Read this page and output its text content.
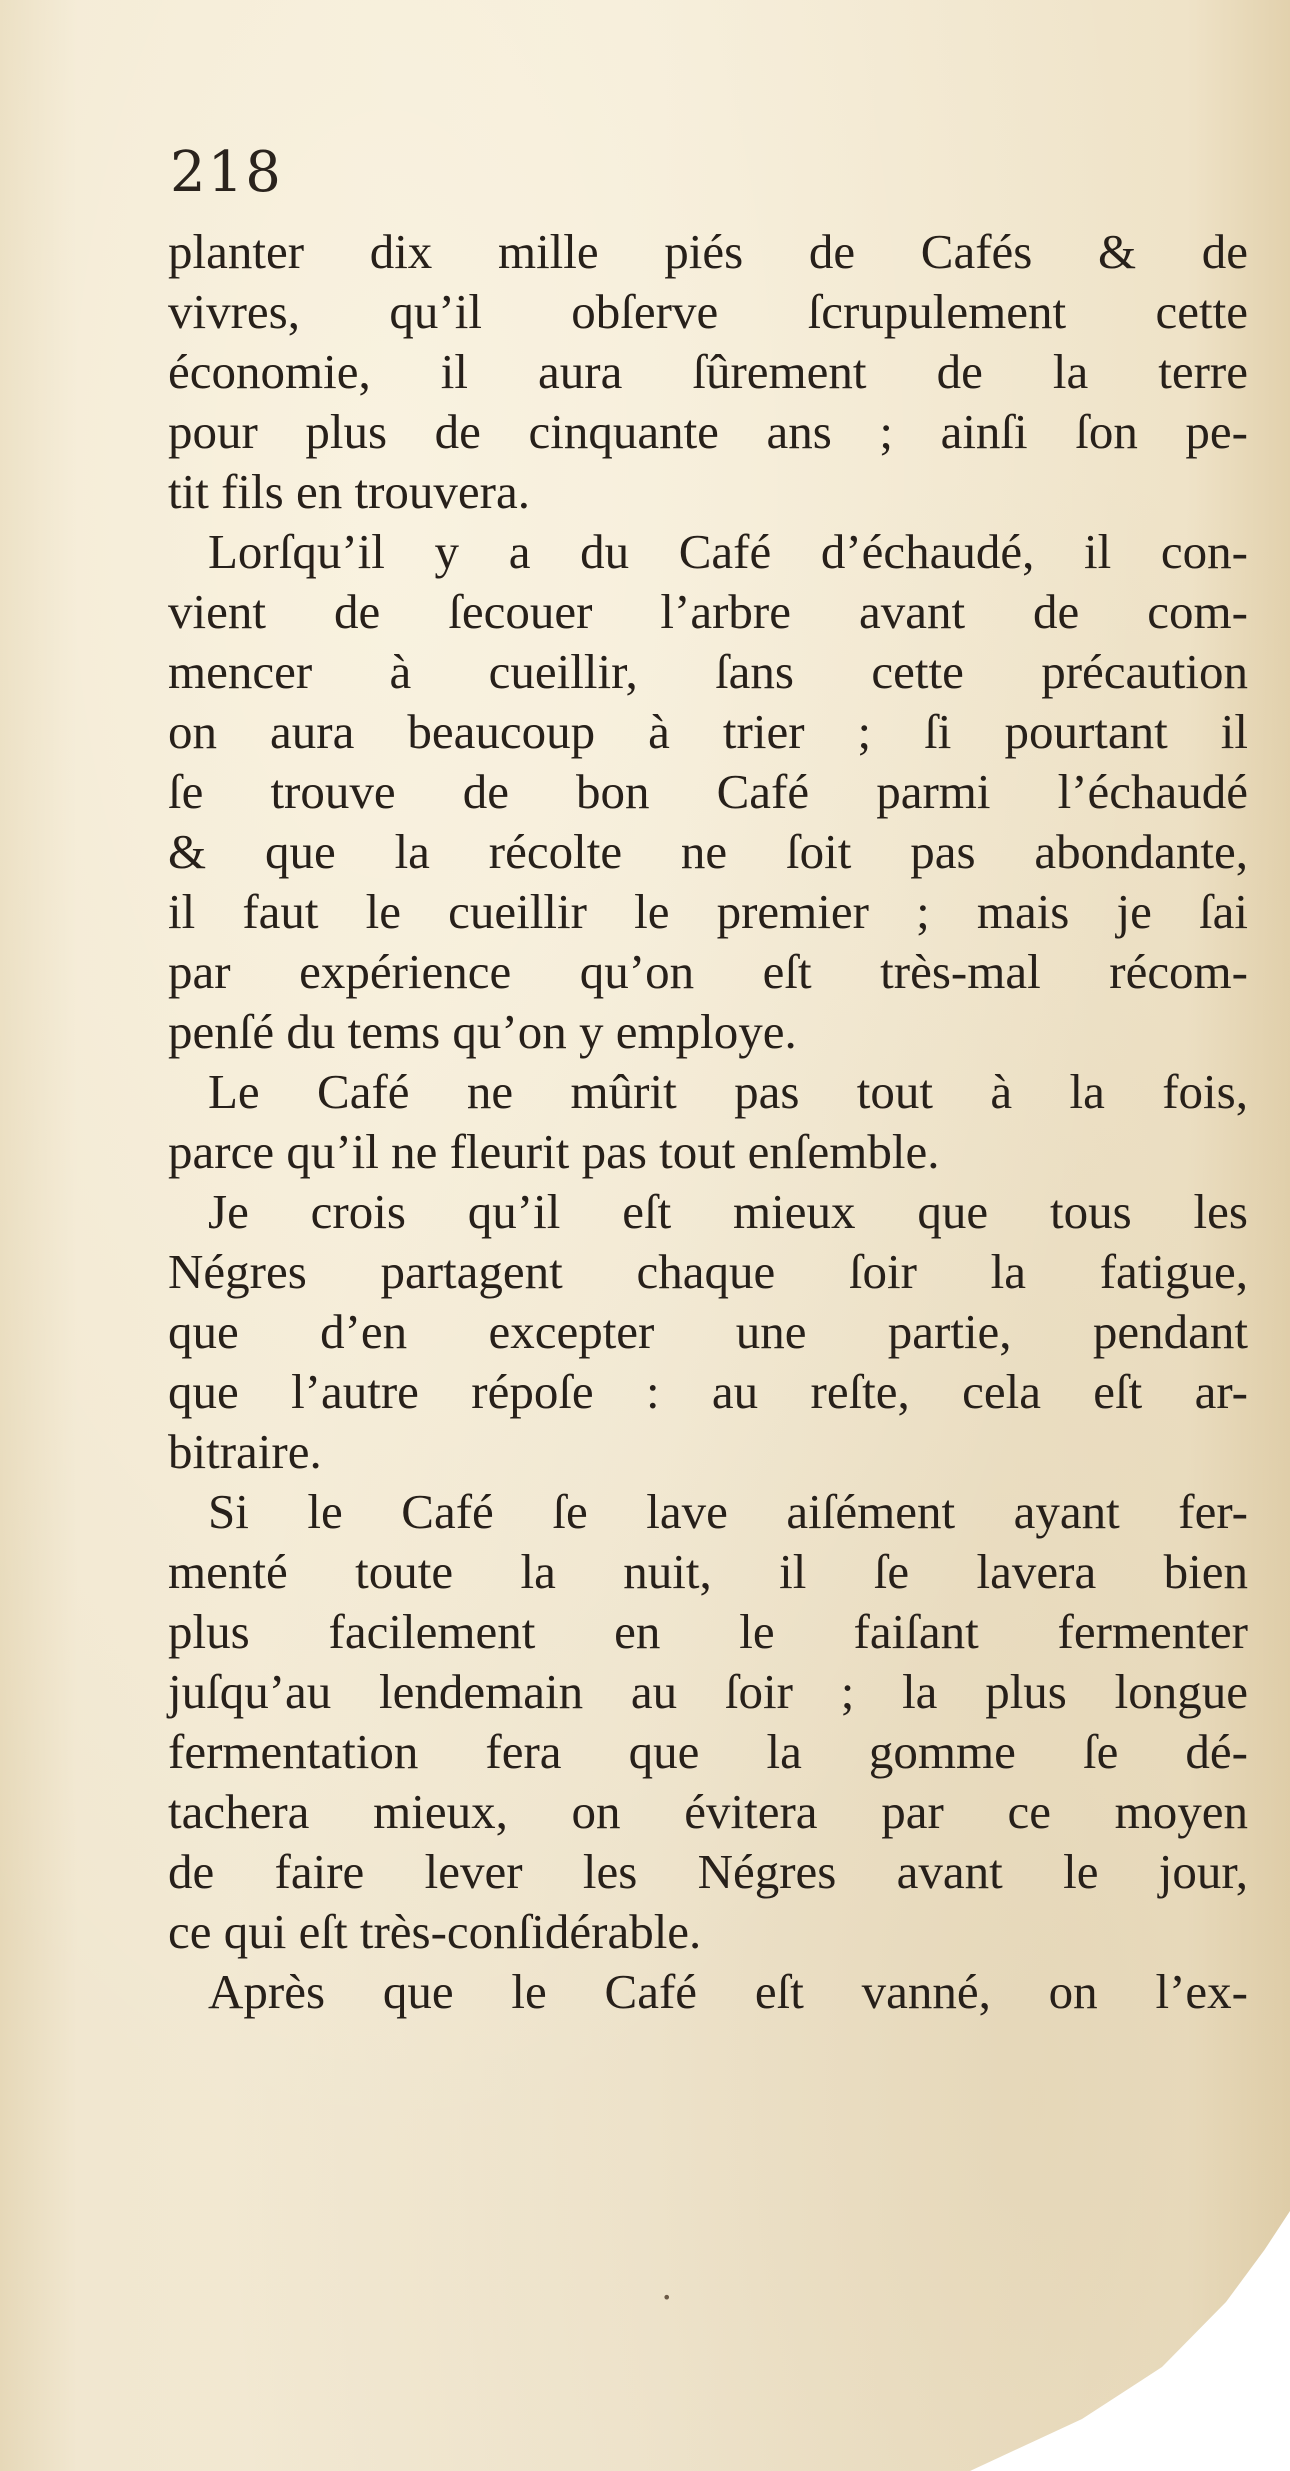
218
planter dix mille piés de Cafés & de
vivres, qu’il obſerve ſcrupulement cette
économie, il aura ſûrement de la terre
pour plus de cinquante ans ; ainſi ſon pe-
tit fils en trouvera.
Lorſqu’il y a du Café d’échaudé, il con-
vient de ſecouer l’arbre avant de com-
mencer à cueillir, ſans cette précaution
on aura beaucoup à trier ; ſi pourtant il
ſe trouve de bon Café parmi l’échaudé
& que la récolte ne ſoit pas abondante,
il faut le cueillir le premier ; mais je ſai
par expérience qu’on eſt très-mal récom-
penſé du tems qu’on y employe.
Le Café ne mûrit pas tout à la fois,
parce qu’il ne fleurit pas tout enſemble.
Je crois qu’il eſt mieux que tous les
Négres partagent chaque ſoir la fatigue,
que d’en excepter une partie, pendant
que l’autre répoſe : au reſte, cela eſt ar-
bitraire.
Si le Café ſe lave aiſément ayant fer-
menté toute la nuit, il ſe lavera bien
plus facilement en le faiſant fermenter
juſqu’au lendemain au ſoir ; la plus longue
fermentation fera que la gomme ſe dé-
tachera mieux, on évitera par ce moyen
de faire lever les Négres avant le jour,
ce qui eſt très-conſidérable.
Après que le Café eſt vanné, on l’ex-
•
